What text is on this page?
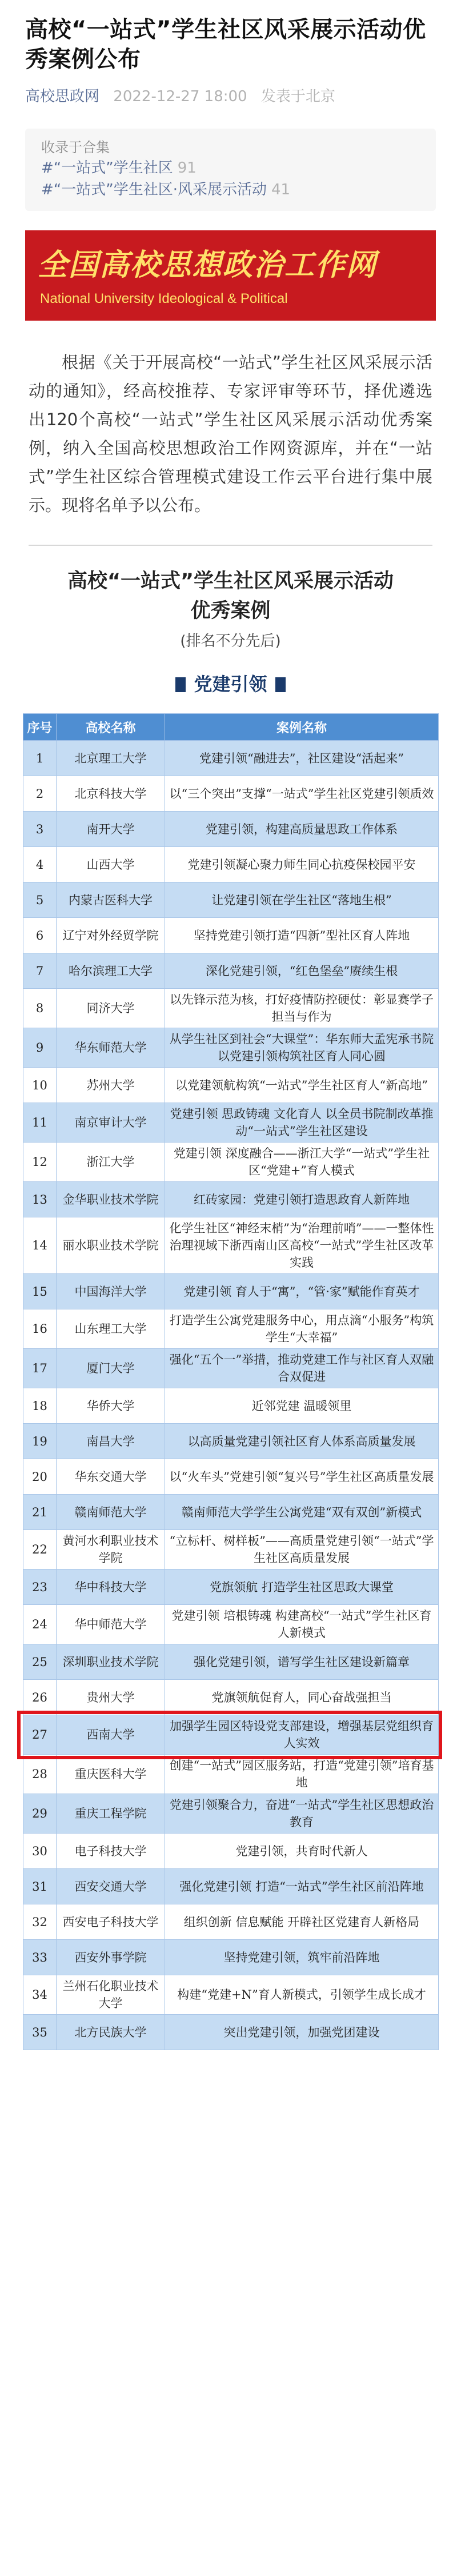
高校“一站式”学生社区风采展示活动优秀案例公布
高校思政网 2022-12-27 18:00 发表于北京
收录于合集
#“一站式”学生社区 91
#“一站式”学生社区·风采展示活动 41
全国高校思想政治工作网
National University Ideological & Political

根据《关于开展高校“一站式”学生社区风采展示活动的通知》，经高校推荐、专家评审等环节，择优遴选出120个高校“一站式”学生社区风采展示活动优秀案例，纳入全国高校思想政治工作网资源库，并在“一站式”学生社区综合管理模式建设工作云平台进行集中展示。现将名单予以公布。

高校“一站式”学生社区风采展示活动
优秀案例
(排名不分先后)
党建引领
序号	高校名称	案例名称
1	北京理工大学	党建引领“融进去”，社区建设“活起来”
2	北京科技大学	以“三个突出”支撑“一站式”学生社区党建引领质效
3	南开大学	党建引领，构建高质量思政工作体系
4	山西大学	党建引领凝心聚力师生同心抗疫保校园平安
5	内蒙古医科大学	让党建引领在学生社区“落地生根”
6	辽宁对外经贸学院	坚持党建引领打造“四新”型社区育人阵地
7	哈尔滨理工大学	深化党建引领，“红色堡垒”赓续生根
8	同济大学	以先锋示范为核，打好疫情防控硬仗：彰显赛学子担当与作为
9	华东师范大学	从学生社区到社会“大课堂”：华东师大孟宪承书院以党建引领构筑社区育人同心圆
10	苏州大学	以党建领航构筑“一站式”学生社区育人“新高地”
11	南京审计大学	党建引领 思政铸魂 文化育人 以全员书院制改革推动“一站式”学生社区建设
12	浙江大学	党建引领 深度融合——浙江大学“一站式”学生社区“党建+”育人模式
13	金华职业技术学院	红砖家园：党建引领打造思政育人新阵地
14	丽水职业技术学院	化学生社区“神经末梢”为“治理前哨”——一整体性治理视域下浙西南山区高校“一站式”学生社区改革实践
15	中国海洋大学	党建引领 育人于“寓”，“管·家”赋能作育英才
16	山东理工大学	打造学生公寓党建服务中心，用点滴“小服务”构筑学生“大幸福”
17	厦门大学	强化“五个一”举措，推动党建工作与社区育人双融合双促进
18	华侨大学	近邻党建 温暖领里
19	南昌大学	以高质量党建引领社区育人体系高质量发展
20	华东交通大学	以“火车头”党建引领“复兴号”学生社区高质量发展
21	赣南师范大学	赣南师范大学学生公寓党建“双有双创”新模式
22	黄河水利职业技术学院	“立标杆、树样板”——高质量党建引领“一站式”学生社区高质量发展
23	华中科技大学	党旗领航 打造学生社区思政大课堂
24	华中师范大学	党建引领 培根铸魂 构建高校“一站式”学生社区育人新模式
25	深圳职业技术学院	强化党建引领，谱写学生社区建设新篇章
26	贵州大学	党旗领航促育人，同心奋战强担当
27	西南大学	加强学生园区特设党支部建设，增强基层党组织育人实效
28	重庆医科大学	创建“一站式”园区服务站，打造“党建引领”培育基地
29	重庆工程学院	党建引领聚合力，奋进“一站式”学生社区思想政治教育
30	电子科技大学	党建引领，共育时代新人
31	西安交通大学	强化党建引领 打造“一站式”学生社区前沿阵地
32	西安电子科技大学	组织创新 信息赋能 开辟社区党建育人新格局
33	西安外事学院	坚持党建引领，筑牢前沿阵地
34	兰州石化职业技术大学	构建“党建+N”育人新模式，引领学生成长成才
35	北方民族大学	突出党建引领，加强党团建设
